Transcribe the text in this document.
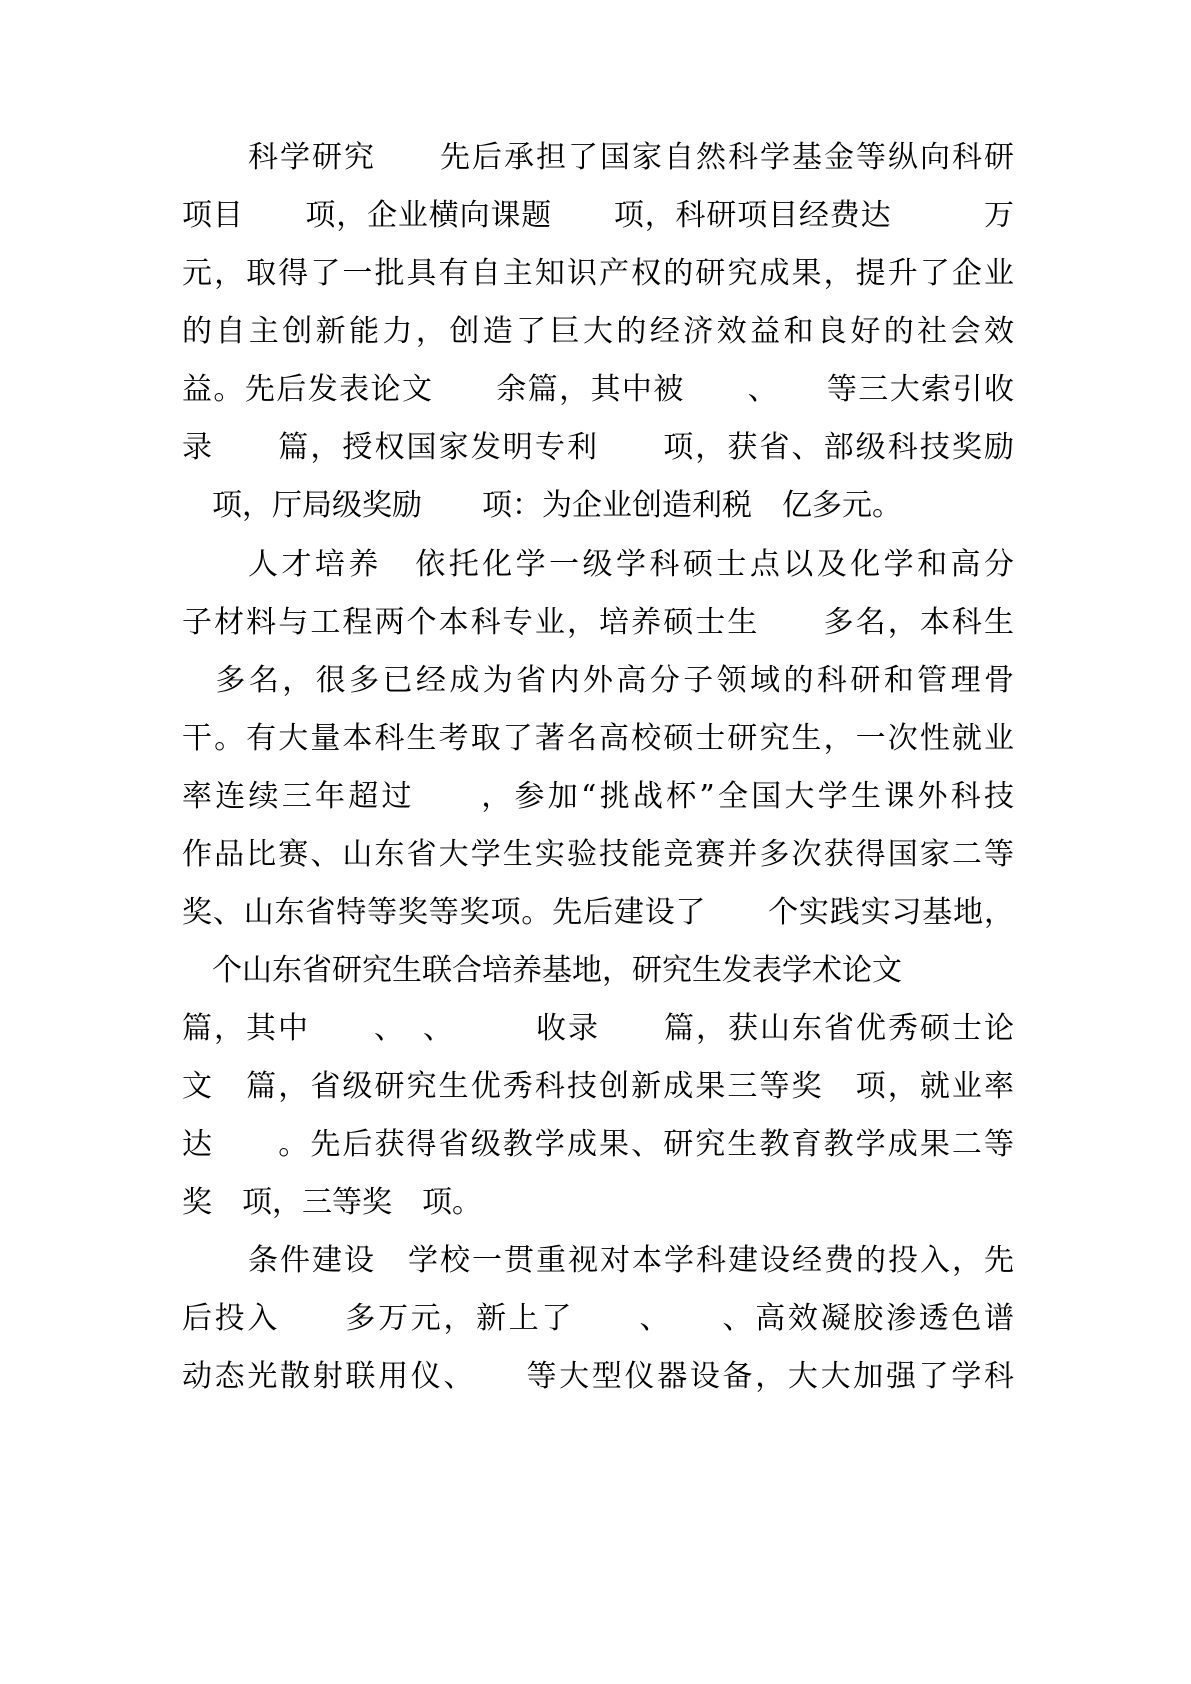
科学研究　　先后承担了国家自然科学基金等纵向科研
项目　　项，企业横向课题　　项，科研项目经费达　　　万
元，取得了一批具有自主知识产权的研究成果，提升了企业
的自主创新能力，创造了巨大的经济效益和良好的社会效
益。先后发表论文　　余篇，其中被　　、　　等三大索引收
录　　篇，授权国家发明专利　　项，获省、部级科技奖励
　项，厅局级奖励　　项：为企业创造利税　亿多元。
人才培养　依托化学一级学科硕士点以及化学和高分
子材料与工程两个本科专业，培养硕士生　　多名，本科生
　多名，很多已经成为省内外高分子领域的科研和管理骨
干。有大量本科生考取了著名高校硕士研究生，一次性就业
率连续三年超过　　，参加“挑战杯”全国大学生课外科技
作品比赛、山东省大学生实验技能竞赛并多次获得国家二等
奖、山东省特等奖等奖项。先后建设了　　个实践实习基地，
　个山东省研究生联合培养基地，研究生发表学术论文　　
篇，其中　　、　、　　　收录　　篇，获山东省优秀硕士论
文　篇，省级研究生优秀科技创新成果三等奖　项，就业率
达　　。先后获得省级教学成果、研究生教育教学成果二等
奖　项，三等奖　项。
条件建设　学校一贯重视对本学科建设经费的投入，先
后投入　　多万元，新上了　　、　　、高效凝胶渗透色谱
动态光散射联用仪、　　等大型仪器设备，大大加强了学科
